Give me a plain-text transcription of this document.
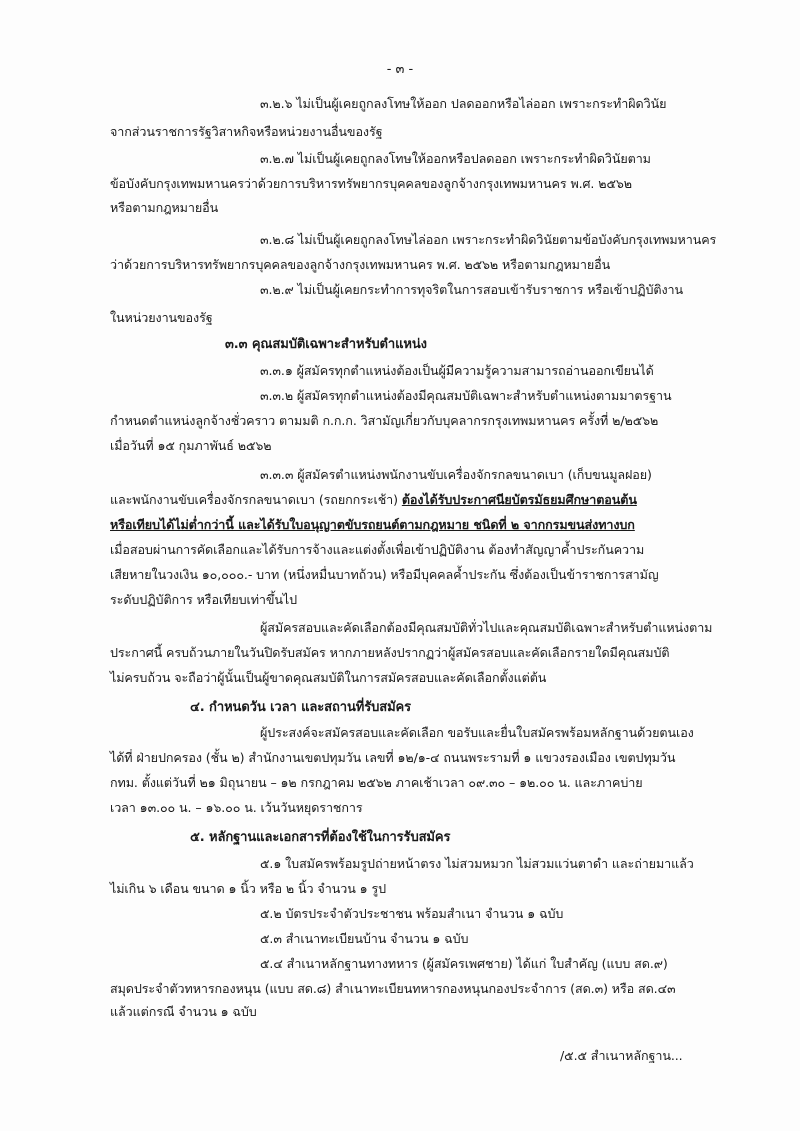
- ๓ -
๓.๒.๖ ไม่เป็นผู้เคยถูกลงโทษให้ออก ปลดออกหรือไล่ออก เพราะกระทำผิดวินัย
จากส่วนราชการรัฐวิสาหกิจหรือหน่วยงานอื่นของรัฐ
๓.๒.๗ ไม่เป็นผู้เคยถูกลงโทษให้ออกหรือปลดออก เพราะกระทำผิดวินัยตาม
ข้อบังคับกรุงเทพมหานครว่าด้วยการบริหารทรัพยากรบุคคลของลูกจ้างกรุงเทพมหานคร พ.ศ. ๒๕๖๒
หรือตามกฎหมายอื่น
๓.๒.๘ ไม่เป็นผู้เคยถูกลงโทษไล่ออก เพราะกระทำผิดวินัยตามข้อบังคับกรุงเทพมหานคร
ว่าด้วยการบริหารทรัพยากรบุคคลของลูกจ้างกรุงเทพมหานคร พ.ศ. ๒๕๖๒ หรือตามกฎหมายอื่น
๓.๒.๙ ไม่เป็นผู้เคยกระทำการทุจริตในการสอบเข้ารับราชการ หรือเข้าปฏิบัติงาน
ในหน่วยงานของรัฐ
๓.๓ คุณสมบัติเฉพาะสำหรับตำแหน่ง
๓.๓.๑ ผู้สมัครทุกตำแหน่งต้องเป็นผู้มีความรู้ความสามารถอ่านออกเขียนได้
๓.๓.๒ ผู้สมัครทุกตำแหน่งต้องมีคุณสมบัติเฉพาะสำหรับตำแหน่งตามมาตรฐาน
กำหนดตำแหน่งลูกจ้างชั่วคราว ตามมติ ก.ก.ก. วิสามัญเกี่ยวกับบุคลากรกรุงเทพมหานคร ครั้งที่ ๒/๒๕๖๒
เมื่อวันที่ ๑๕ กุมภาพันธ์ ๒๕๖๒
๓.๓.๓ ผู้สมัครตำแหน่งพนักงานขับเครื่องจักรกลขนาดเบา (เก็บขนมูลฝอย)
และพนักงานขับเครื่องจักรกลขนาดเบา (รถยกกระเช้า) ต้องได้รับประกาศนียบัตรมัธยมศึกษาตอนต้น
หรือเทียบได้ไม่ต่ำกว่านี้ และได้รับใบอนุญาตขับรถยนต์ตามกฎหมาย ชนิดที่ ๒ จากกรมขนส่งทางบก
เมื่อสอบผ่านการคัดเลือกและได้รับการจ้างและแต่งตั้งเพื่อเข้าปฏิบัติงาน ต้องทำสัญญาค้ำประกันความ
เสียหายในวงเงิน ๑๐,๐๐๐.- บาท (หนึ่งหมื่นบาทถ้วน) หรือมีบุคคลค้ำประกัน ซึ่งต้องเป็นข้าราชการสามัญ
ระดับปฏิบัติการ หรือเทียบเท่าขึ้นไป
ผู้สมัครสอบและคัดเลือกต้องมีคุณสมบัติทั่วไปและคุณสมบัติเฉพาะสำหรับตำแหน่งตาม
ประกาศนี้ ครบถ้วนภายในวันปิดรับสมัคร หากภายหลังปรากฏว่าผู้สมัครสอบและคัดเลือกรายใดมีคุณสมบัติ
ไม่ครบถ้วน จะถือว่าผู้นั้นเป็นผู้ขาดคุณสมบัติในการสมัครสอบและคัดเลือกตั้งแต่ต้น
๔. กำหนดวัน เวลา และสถานที่รับสมัคร
ผู้ประสงค์จะสมัครสอบและคัดเลือก ขอรับและยื่นใบสมัครพร้อมหลักฐานด้วยตนเอง
ได้ที่ ฝ่ายปกครอง (ชั้น ๒) สำนักงานเขตปทุมวัน เลขที่ ๑๒/๑-๔ ถนนพระรามที่ ๑ แขวงรองเมือง เขตปทุมวัน
กทม. ตั้งแต่วันที่ ๒๑ มิถุนายน – ๑๒ กรกฎาคม ๒๕๖๒ ภาคเช้าเวลา ๐๙.๓๐ – ๑๒.๐๐ น. และภาคบ่าย
เวลา ๑๓.๐๐ น. – ๑๖.๐๐ น. เว้นวันหยุดราชการ
๕. หลักฐานและเอกสารที่ต้องใช้ในการรับสมัคร
๕.๑ ใบสมัครพร้อมรูปถ่ายหน้าตรง ไม่สวมหมวก ไม่สวมแว่นตาดำ และถ่ายมาแล้ว
ไม่เกิน ๖ เดือน ขนาด ๑ นิ้ว หรือ ๒ นิ้ว จำนวน ๑ รูป
๕.๒ บัตรประจำตัวประชาชน พร้อมสำเนา จำนวน ๑ ฉบับ
๕.๓ สำเนาทะเบียนบ้าน จำนวน ๑ ฉบับ
๕.๔ สำเนาหลักฐานทางทหาร (ผู้สมัครเพศชาย) ได้แก่ ใบสำคัญ (แบบ สด.๙)
สมุดประจำตัวทหารกองหนุน (แบบ สด.๘) สำเนาทะเบียนทหารกองหนุนกองประจำการ (สด.๓) หรือ สด.๔๓
แล้วแต่กรณี จำนวน ๑ ฉบับ
/๕.๕ สำเนาหลักฐาน...
